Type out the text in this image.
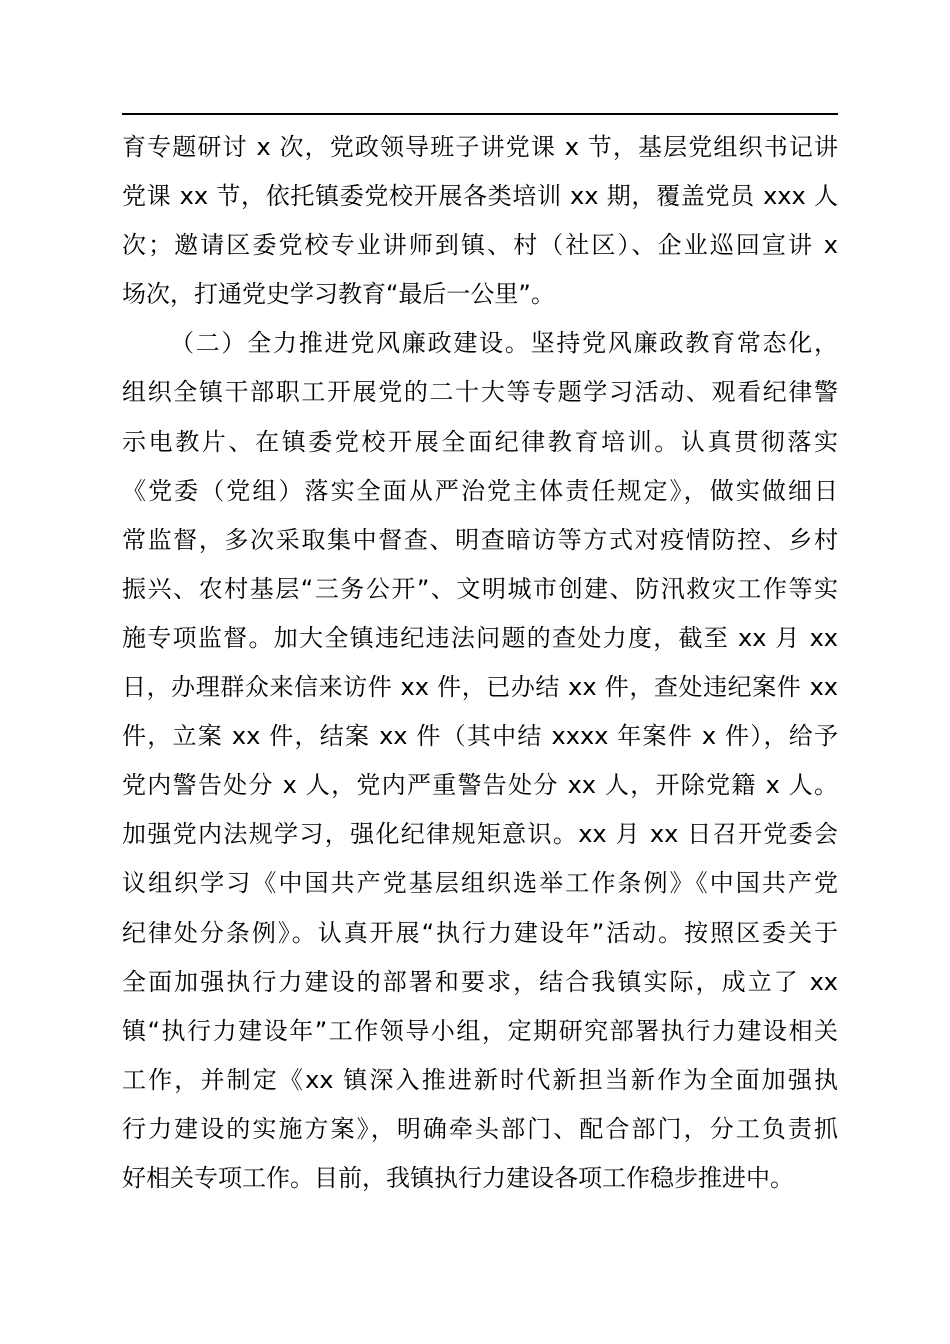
育专题研讨 x 次，党政领导班子讲党课 x 节，基层党组织书记讲
党课 xx 节，依托镇委党校开展各类培训 xx 期，覆盖党员 xxx 人
次；邀请区委党校专业讲师到镇、村（社区）、企业巡回宣讲 x
场次，打通党史学习教育“最后一公里”。
（二）全力推进党风廉政建设。坚持党风廉政教育常态化，
组织全镇干部职工开展党的二十大等专题学习活动、观看纪律警
示电教片、在镇委党校开展全面纪律教育培训。认真贯彻落实
《党委（党组）落实全面从严治党主体责任规定》，做实做细日
常监督，多次采取集中督查、明查暗访等方式对疫情防控、乡村
振兴、农村基层“三务公开”、文明城市创建、防汛救灾工作等实
施专项监督。加大全镇违纪违法问题的查处力度，截至 xx 月 xx
日，办理群众来信来访件 xx 件，已办结 xx 件，查处违纪案件 xx
件，立案 xx 件，结案 xx 件（其中结 xxxx 年案件 x 件），给予
党内警告处分 x 人，党内严重警告处分 xx 人，开除党籍 x 人。
加强党内法规学习，强化纪律规矩意识。xx 月 xx 日召开党委会
议组织学习《中国共产党基层组织选举工作条例》《中国共产党
纪律处分条例》。认真开展“执行力建设年”活动。按照区委关于
全面加强执行力建设的部署和要求，结合我镇实际，成立了 xx
镇“执行力建设年”工作领导小组，定期研究部署执行力建设相关
工作，并制定《xx 镇深入推进新时代新担当新作为全面加强执
行力建设的实施方案》，明确牵头部门、配合部门，分工负责抓
好相关专项工作。目前，我镇执行力建设各项工作稳步推进中。
